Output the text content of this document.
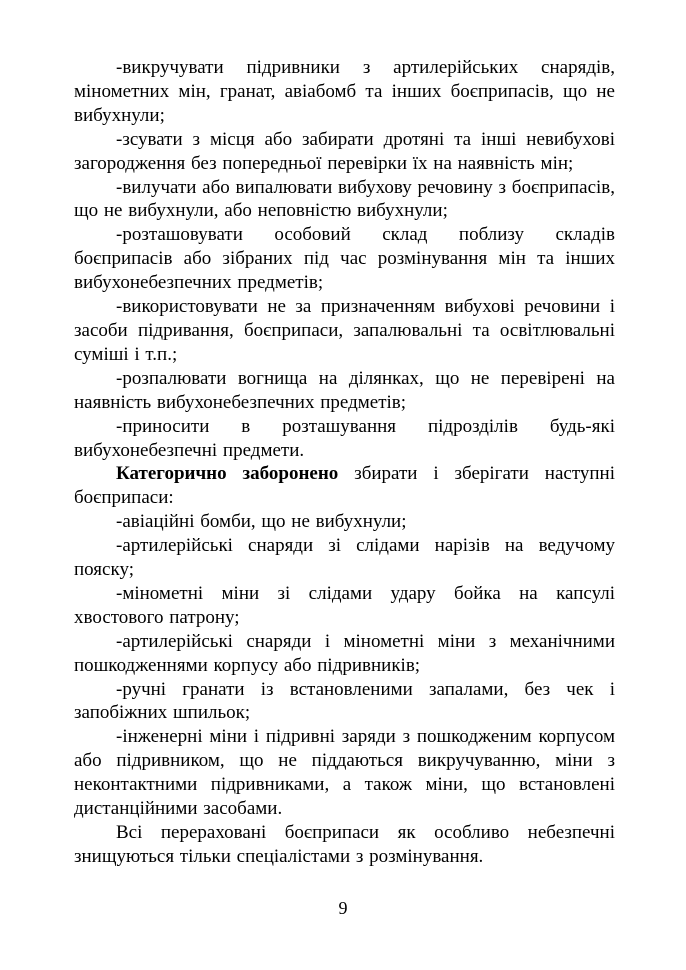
-викручувати підривники з артилерійських снарядів, мінометних мін, гранат, авіабомб та інших боєприпасів, що не вибухнули;

-зсувати з місця або забирати дротяні та інші невибухові загородження без попередньої перевірки їх на наявність мін;

-вилучати або випалювати вибухову речовину з боєприпасів, що не вибухнули, або неповністю вибухнули;

-розташовувати особовий склад поблизу складів боєприпасів або зібраних під час розмінування мін та інших вибухонебезпечних предметів;

-використовувати не за призначенням вибухові речовини і засоби підривання, боєприпаси, запалювальні та освітлювальні суміші і т.п.;

-розпалювати вогнища на ділянках, що не перевірені на наявність вибухонебезпечних предметів;

-приносити в розташування підрозділів будь-які вибухонебезпечні предмети.

Категорично заборонено збирати і зберігати наступні боєприпаси:

-авіаційні бомби, що не вибухнули;

-артилерійські снаряди зі слідами нарізів на ведучому пояску;

-мінометні міни зі слідами удару бойка на капсулі хвостового патрону;

-артилерійські снаряди і мінометні міни з механічними пошкодженнями корпусу або підривників;

-ручні гранати із встановленими запалами, без чек і запобіжних шпильок;

-інженерні міни і підривні заряди з пошкодженим корпусом або підривником, що не піддаються викручуванню, міни з неконтактними підривниками, а також міни, що встановлені дистанційними засобами.

Всі перераховані боєприпаси як особливо небезпечні знищуються тільки спеціалістами з розмінування.

9
